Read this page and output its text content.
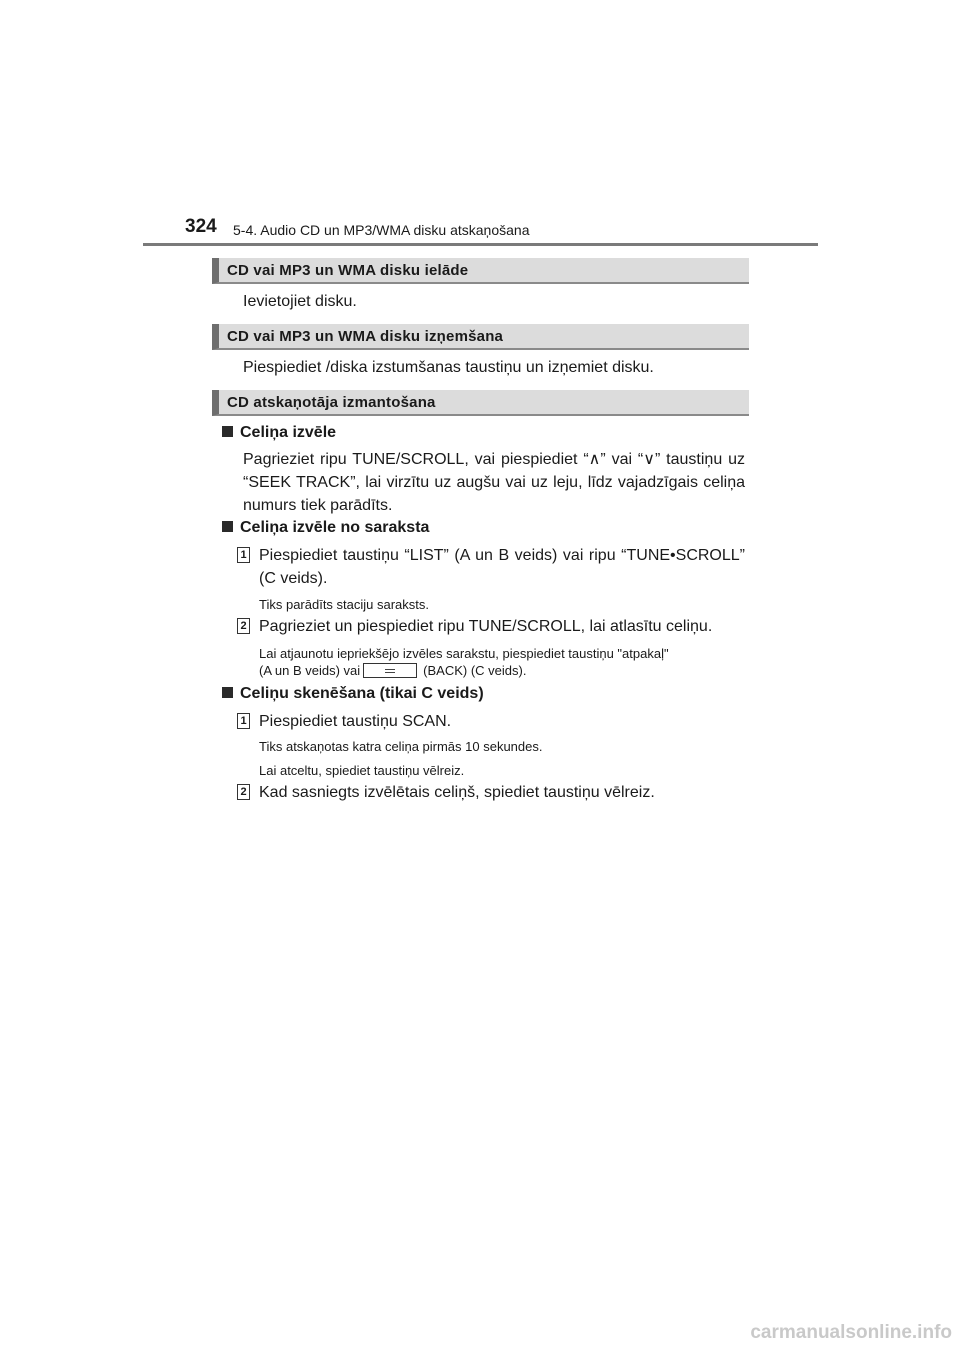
324 5-4. Audio CD un MP3/WMA disku atskaņošana
CD vai MP3 un WMA disku ielāde
Ievietojiet disku.
CD vai MP3 un WMA disku izņemšana
Piespiediet /diska izstumšanas taustiņu un izņemiet disku.
CD atskaņotāja izmantošana
Celiņa izvēle
Pagrieziet ripu TUNE/SCROLL, vai piespiediet “∧” vai “∨” taustiņu uz “SEEK TRACK”, lai virzītu uz augšu vai uz leju, līdz vajadzīgais celiņa numurs tiek parādīts.
Celiņa izvēle no saraksta
1 Piespiediet taustiņu “LIST” (A un B veids) vai ripu “TUNE•SCROLL” (C veids).
Tiks parādīts staciju saraksts.
2 Pagrieziet un piespiediet ripu TUNE/SCROLL, lai atlasītu celiņu.
Lai atjaunotu iepriekšējo izvēles sarakstu, piespiediet taustiņu "atpakaļ"
(A un B veids) vai	(BACK) (C veids).
Celiņu skenēšana (tikai C veids)
1 Piespiediet taustiņu SCAN.
Tiks atskaņotas katra celiņa pirmās 10 sekundes.
Lai atceltu, spiediet taustiņu vēlreiz.
2 Kad sasniegts izvēlētais celiņš, spiediet taustiņu vēlreiz.
carmanualsonline.info
